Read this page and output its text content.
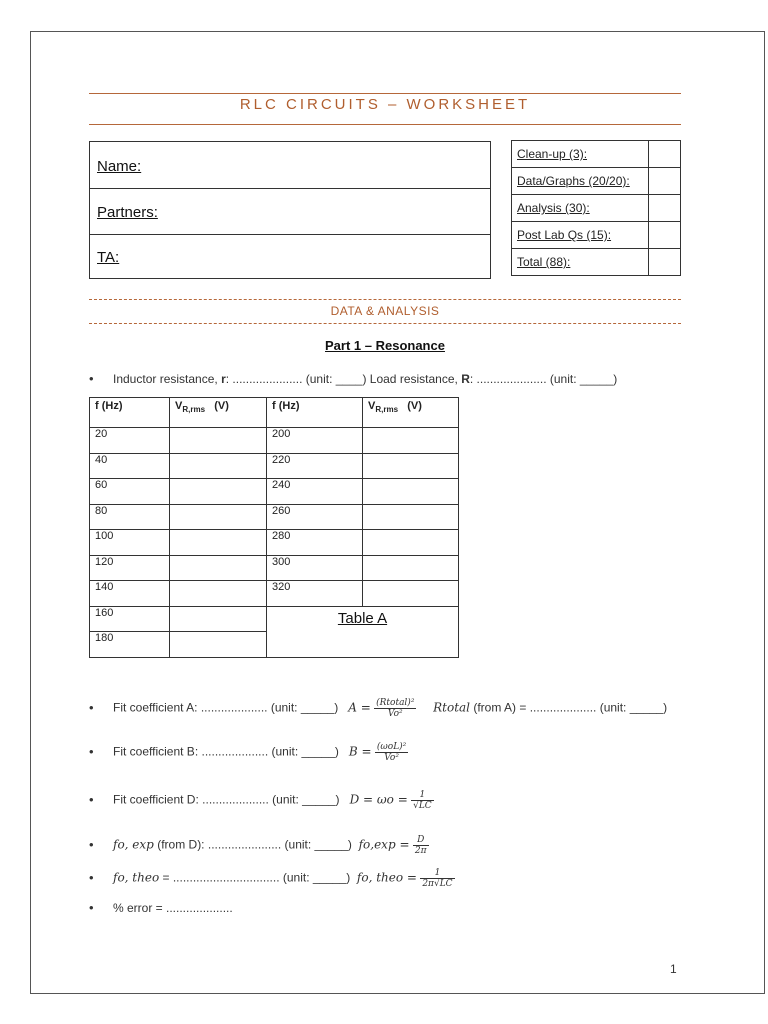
RLC CIRCUITS – WORKSHEET
Name:
Partners:
TA:
Clean-up (3):	
Data/Graphs (20/20):	
Analysis (30):	
Post Lab Qs (15):	
Total (88):	
DATA & ANALYSIS
Part 1 – Resonance
• Inductor resistance, r: ..................... (unit: ____) Load resistance, R: ..................... (unit: _____)
f (Hz)	$V_{R,rms}$   (V)	f (Hz)	$V_{R,rms}$   (V)
20		200	
40		220	
60		240	
80		260	
100		280	
120		300	
140		320	
160		Table A	
180			
• Fit coefficient A: .................... (unit: _____) $A = \frac{\text{(Rtotal)²}}{\text{Vo²}}$ Rtotal (from A) = .................... (unit: _____)
• Fit coefficient B: .................... (unit: _____) $B = \frac{\text{(ωoL)²}}{\text{Vo²}}$
• Fit coefficient D: .................... (unit: _____) $D = \omega o = \frac{1}{√LC}$
• fo, exp (from D): ...................... (unit: _____) $fo,\exp = \frac{D}{2\pi}$
• fo, theo = ................................ (unit: _____) fo, theo = $\frac{1}{2\pi√LC}$
• % error = ....................
1
